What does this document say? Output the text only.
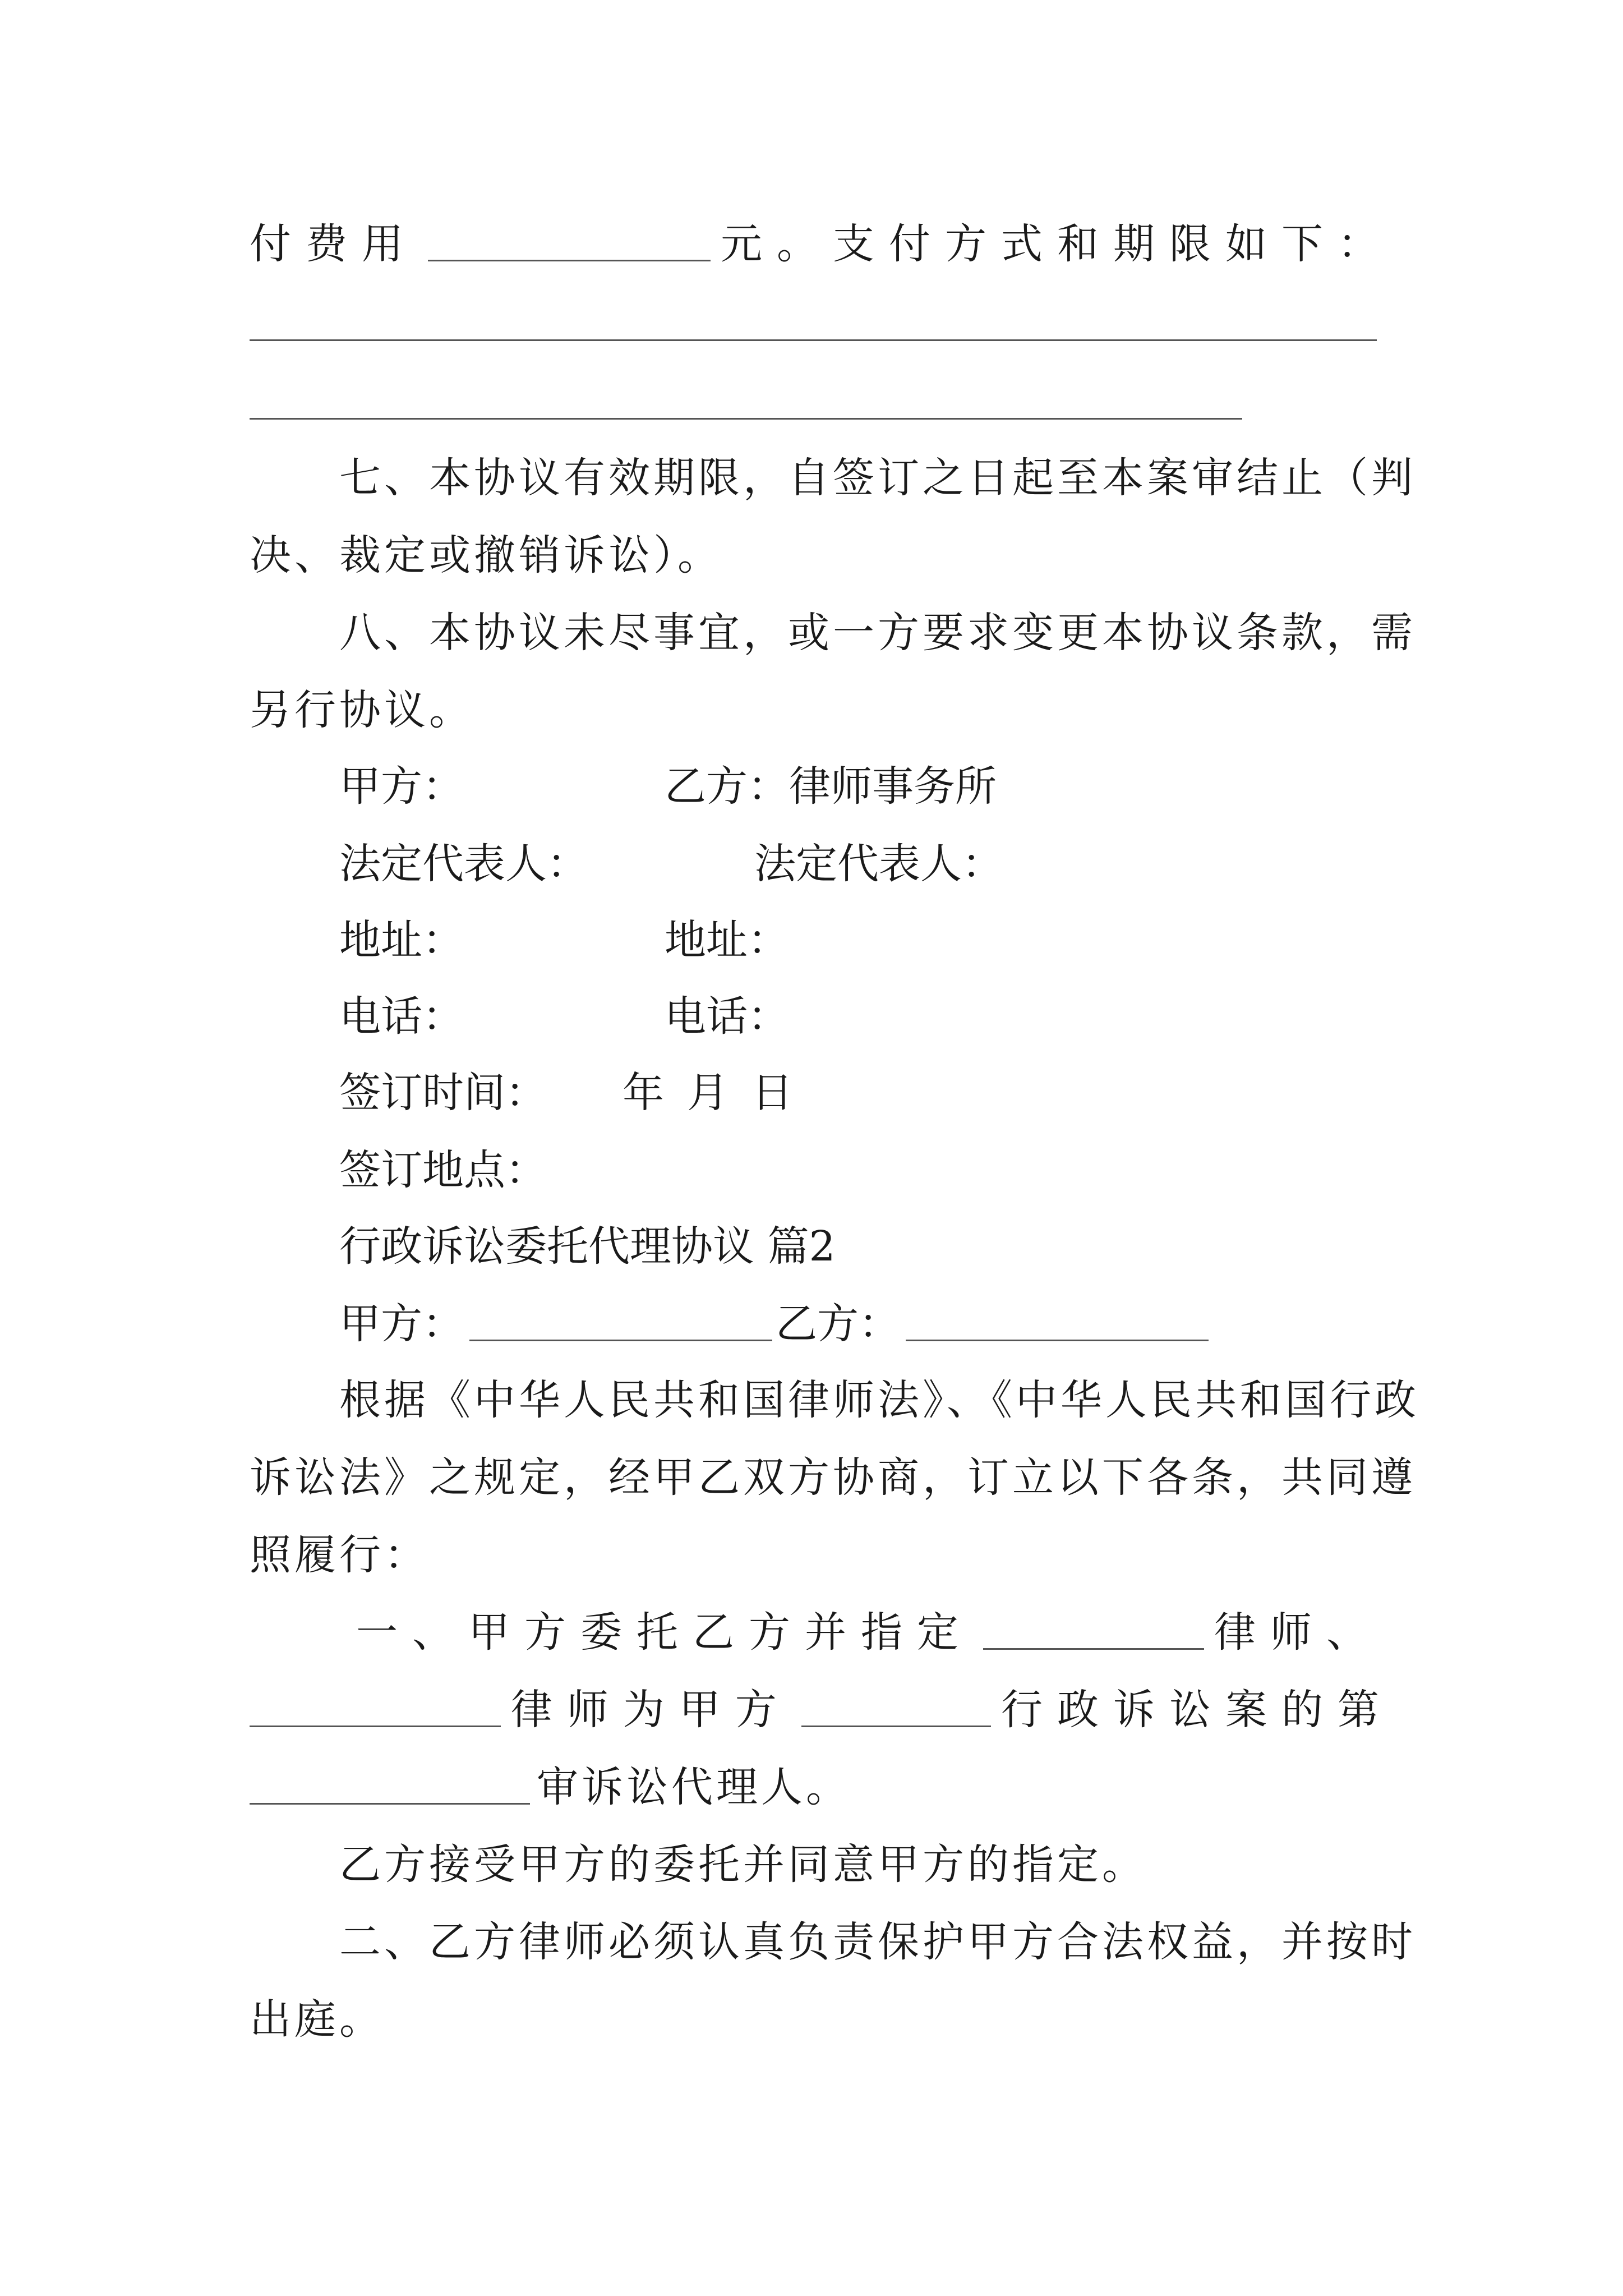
付费用	元。支付方式和期限如下：
七、本协议有效期限，自签订之日起至本案审结止（判
决、裁定或撤销诉讼）。
八、本协议未尽事宜，或一方要求变更本协议条款，需
另行协议。
甲方：	乙方：律师事务所
法定代表人：	法定代表人：
地址：	地址：
电话：	电话：
签订时间：	年 月 日
签订地点：
行政诉讼委托代理协议 篇2
甲方：	乙方：
根据《中华人民共和国律师法》、《中华人民共和国行政
诉讼法》之规定，经甲乙双方协商，订立以下各条，共同遵
照履行：
一、甲方委托乙方并指定	律师、
律师为甲方	行政诉讼案的第
审诉讼代理人。
乙方接受甲方的委托并同意甲方的指定。
二、乙方律师必须认真负责保护甲方合法权益，并按时
出庭。
